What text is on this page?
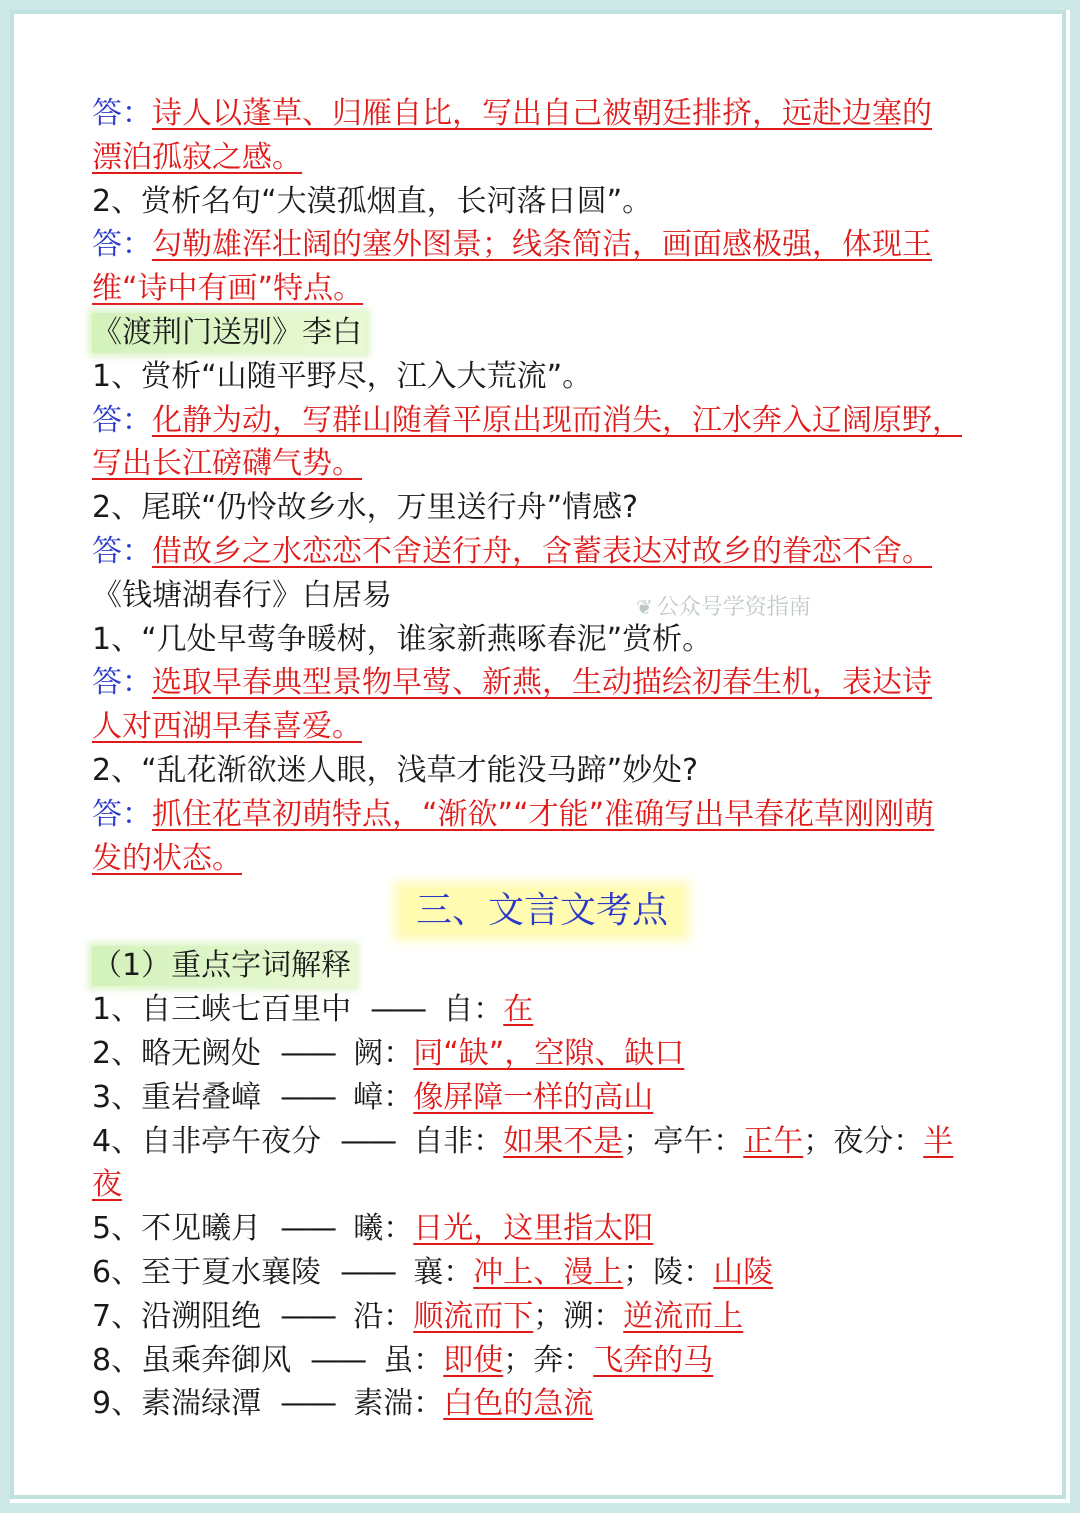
❦ 公众号学资指南
答：诗人以蓬草、归雁自比，写出自己被朝廷排挤，远赴边塞的
漂泊孤寂之感。
2、赏析名句“大漠孤烟直，长河落日圆”。
答：勾勒雄浑壮阔的塞外图景；线条简洁，画面感极强，体现王
维“诗中有画”特点。
《渡荆门送别》李白
1、赏析“山随平野尽，江入大荒流”。
答：化静为动，写群山随着平原出现而消失，江水奔入辽阔原野，
写出长江磅礴气势。
2、尾联“仍怜故乡水，万里送行舟”情感?
答：借故乡之水恋恋不舍送行舟，含蓄表达对故乡的眷恋不舍。
《钱塘湖春行》白居易
1、“几处早莺争暖树，谁家新燕啄春泥”赏析。
答：选取早春典型景物早莺、新燕，生动描绘初春生机，表达诗
人对西湖早春喜爱。
2、“乱花渐欲迷人眼，浅草才能没马蹄”妙处?
答：抓住花草初萌特点，“渐欲”“才能”准确写出早春花草刚刚萌
发的状态。
三、文言文考点
（1）重点字词解释
1、自三峡七百里中 —— 自：在
2、略无阙处 —— 阙：同“缺”，空隙、缺口
3、重岩叠嶂 —— 嶂：像屏障一样的高山
4、自非亭午夜分 —— 自非：如果不是；亭午：正午；夜分：半
夜
5、不见曦月 —— 曦：日光，这里指太阳
6、至于夏水襄陵 —— 襄：冲上、漫上；陵：山陵
7、沿溯阻绝 —— 沿：顺流而下；溯：逆流而上
8、虽乘奔御风 —— 虽：即使；奔：飞奔的马
9、素湍绿潭 —— 素湍：白色的急流
